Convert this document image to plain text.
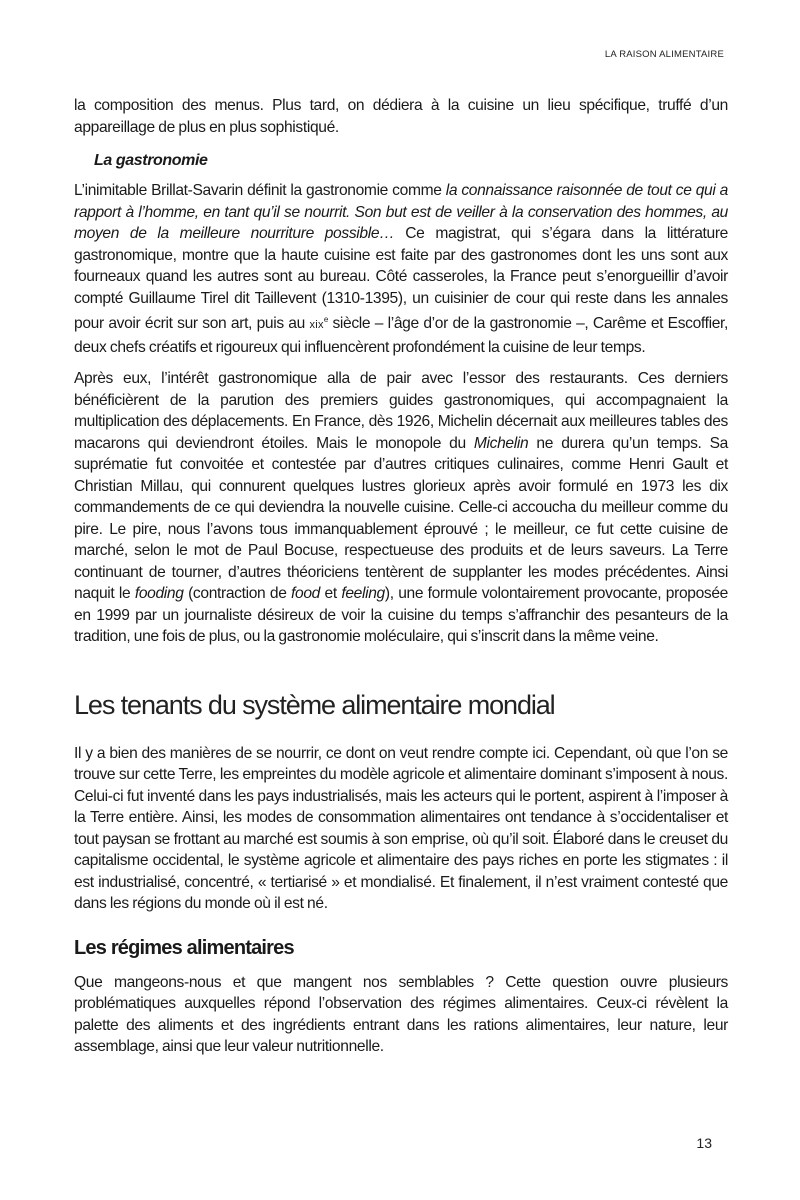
LA RAISON ALIMENTAIRE

la composition des menus. Plus tard, on dédiera à la cuisine un lieu spécifique, truffé d’un appareillage de plus en plus sophistiqué.

La gastronomie

L’inimitable Brillat-Savarin définit la gastronomie comme la connaissance raisonnée de tout ce qui a rapport à l’homme, en tant qu’il se nourrit. Son but est de veiller à la conservation des hommes, au moyen de la meilleure nourriture possible… Ce magistrat, qui s’égara dans la littérature gastronomique, montre que la haute cuisine est faite par des gastronomes dont les uns sont aux fourneaux quand les autres sont au bureau. Côté casseroles, la France peut s’enorgueillir d’avoir compté Guillaume Tirel dit Taillevent (1310-1395), un cuisinier de cour qui reste dans les annales pour avoir écrit sur son art, puis au xix$^e$ siècle – l’âge d’or de la gastronomie –, Carême et Escoffier, deux chefs créatifs et rigoureux qui influencèrent profondément la cuisine de leur temps.

Après eux, l’intérêt gastronomique alla de pair avec l’essor des restaurants. Ces derniers bénéficièrent de la parution des premiers guides gastronomiques, qui accompagnaient la multiplication des déplacements. En France, dès 1926, Michelin décernait aux meilleures tables des macarons qui deviendront étoiles. Mais le monopole du Michelin ne durera qu’un temps. Sa suprématie fut convoitée et contestée par d’autres critiques culinaires, comme Henri Gault et Christian Millau, qui connurent quelques lustres glorieux après avoir formulé en 1973 les dix commandements de ce qui deviendra la nouvelle cuisine. Celle-ci accoucha du meilleur comme du pire. Le pire, nous l’avons tous immanquablement éprouvé ; le meilleur, ce fut cette cuisine de marché, selon le mot de Paul Bocuse, respectueuse des produits et de leurs saveurs. La Terre continuant de tourner, d’autres théoriciens tentèrent de supplanter les modes précédentes. Ainsi naquit le fooding (contraction de food et feeling), une formule volontairement provocante, proposée en 1999 par un journaliste désireux de voir la cuisine du temps s’affranchir des pesanteurs de la tradition, une fois de plus, ou la gastronomie moléculaire, qui s’inscrit dans la même veine.

Les tenants du système alimentaire mondial

Il y a bien des manières de se nourrir, ce dont on veut rendre compte ici. Cependant, où que l’on se trouve sur cette Terre, les empreintes du modèle agricole et alimentaire dominant s’imposent à nous. Celui-ci fut inventé dans les pays industrialisés, mais les acteurs qui le portent, aspirent à l’imposer à la Terre entière. Ainsi, les modes de consommation alimentaires ont tendance à s’occidentaliser et tout paysan se frottant au marché est soumis à son emprise, où qu’il soit. Élaboré dans le creuset du capitalisme occidental, le système agricole et alimentaire des pays riches en porte les stigmates : il est industrialisé, concentré, « tertiarisé » et mondialisé. Et finalement, il n’est vraiment contesté que dans les régions du monde où il est né.

Les régimes alimentaires

Que mangeons-nous et que mangent nos semblables ? Cette question ouvre plusieurs problématiques auxquelles répond l’observation des régimes alimentaires. Ceux-ci révèlent la palette des aliments et des ingrédients entrant dans les rations alimentaires, leur nature, leur assemblage, ainsi que leur valeur nutritionnelle.

13
